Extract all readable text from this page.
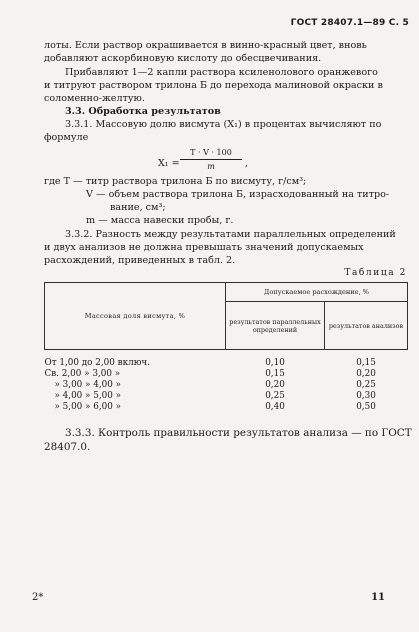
ГОСТ 28407.1—89 С. 5
лоты. Если раствор окрашивается в винно-красный цвет, вновь
добавляют аскорбиновую кислоту до обесцвечивания.
Прибавляют 1—2 капли раствора ксиленолового оранжевого
и титруют раствором трилона Б до перехода малиновой окраски в
соломенно-желтую.
3.3. Обработка результатов
3.3.1. Массовую долю висмута (X₁) в процентах вычисляют по
формуле
X₁ =
T · V · 100
m	,
где T — титр раствора трилона Б по висмуту, г/см³;
V — объем раствора трилона Б, израсходованный на титро-
вание, см³;
m — масса навески пробы, г.
3.3.2. Разность между результатами параллельных определений
и двух анализов не должна превышать значений допускаемых
расхождений, приведенных в табл. 2.
Таблица 2
Массовая доля висмута, %	Допускаемое расхождение, %	
	результатов параллельных определений	результатов анализов

От 1,00 до 2,00 включ.	0,10	0,15
Св. 2,00 » 3,00 »	0,15	0,20
» 3,00 » 4,00 »	0,20	0,25
» 4,00 » 5,00 »	0,25	0,30
» 5,00 » 6,00 »	0,40	0,50
3.3.3. Контроль правильности результатов анализа — по ГОСТ
28407.0.
2*	11
